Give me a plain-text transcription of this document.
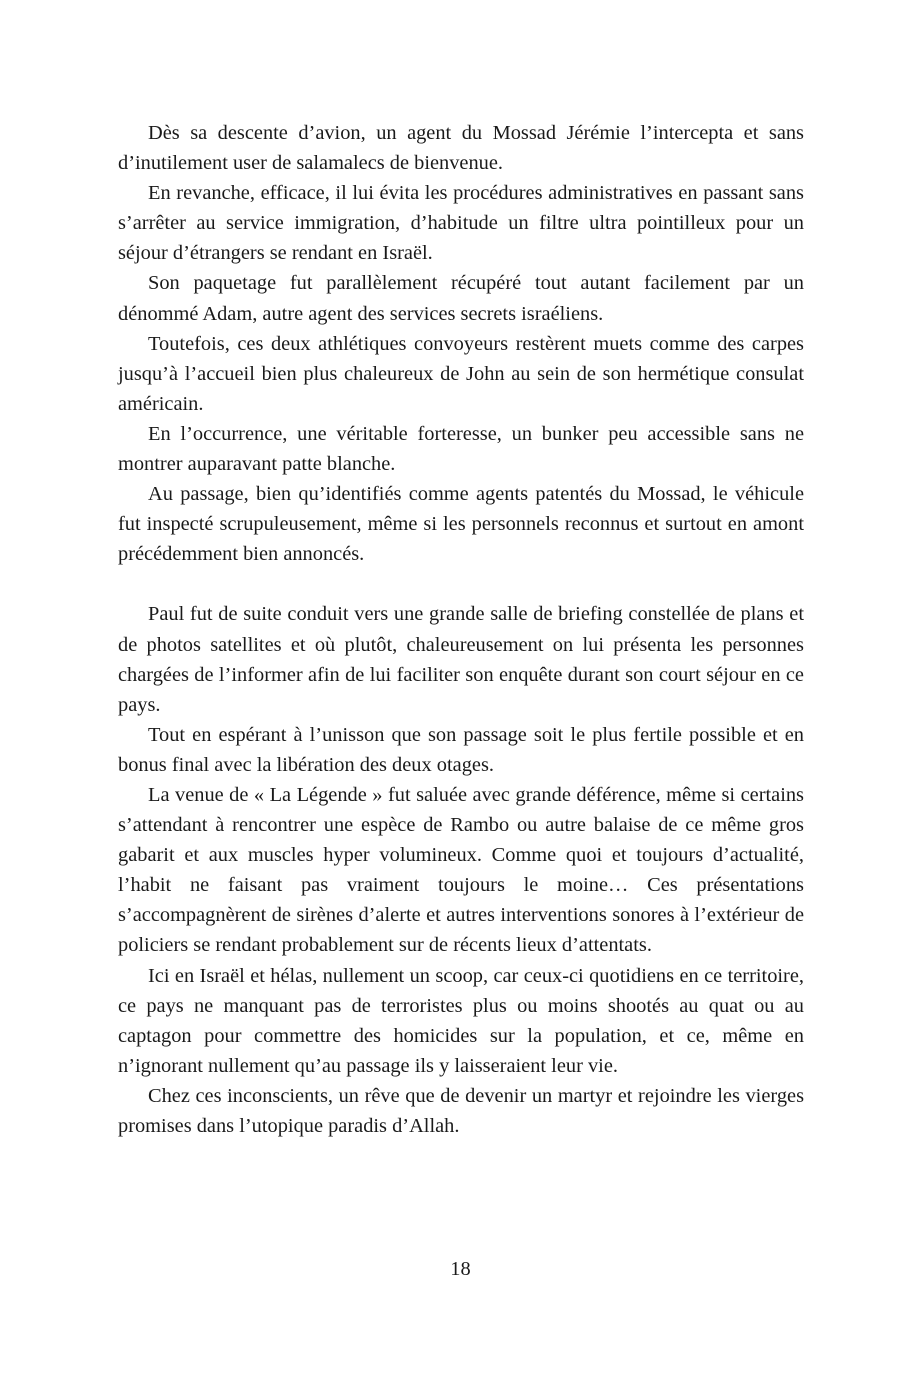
Dès sa descente d’avion, un agent du Mossad Jérémie l’intercepta et sans d’inutilement user de salamalecs de bienvenue.

En revanche, efficace, il lui évita les procédures administratives en passant sans s’arrêter au service immigration, d’habitude un filtre ultra pointilleux pour un séjour d’étrangers se rendant en Israël.

Son paquetage fut parallèlement récupéré tout autant facilement par un dénommé Adam, autre agent des services secrets israéliens.

Toutefois, ces deux athlétiques convoyeurs restèrent muets comme des carpes jusqu’à l’accueil bien plus chaleureux de John au sein de son hermétique consulat américain.

En l’occurrence, une véritable forteresse, un bunker peu accessible sans ne montrer auparavant patte blanche.

Au passage, bien qu’identifiés comme agents patentés du Mossad, le véhicule fut inspecté scrupuleusement, même si les personnels reconnus et surtout en amont précédemment bien annoncés.

Paul fut de suite conduit vers une grande salle de briefing constellée de plans et de photos satellites et où plutôt, chaleureusement on lui présenta les personnes chargées de l’informer afin de lui faciliter son enquête durant son court séjour en ce pays.

Tout en espérant à l’unisson que son passage soit le plus fertile possible et en bonus final avec la libération des deux otages.

La venue de « La Légende » fut saluée avec grande déférence, même si certains s’attendant à rencontrer une espèce de Rambo ou autre balaise de ce même gros gabarit et aux muscles hyper volumineux. Comme quoi et toujours d’actualité, l’habit ne faisant pas vraiment toujours le moine… Ces présentations s’accompagnèrent de sirènes d’alerte et autres interventions sonores à l’extérieur de policiers se rendant probablement sur de récents lieux d’attentats.

Ici en Israël et hélas, nullement un scoop, car ceux-ci quotidiens en ce territoire, ce pays ne manquant pas de terroristes plus ou moins shootés au quat ou au captagon pour commettre des homicides sur la population, et ce, même en n’ignorant nullement qu’au passage ils y laisseraient leur vie.

Chez ces inconscients, un rêve que de devenir un martyr et rejoindre les vierges promises dans l’utopique paradis d’Allah.

18
